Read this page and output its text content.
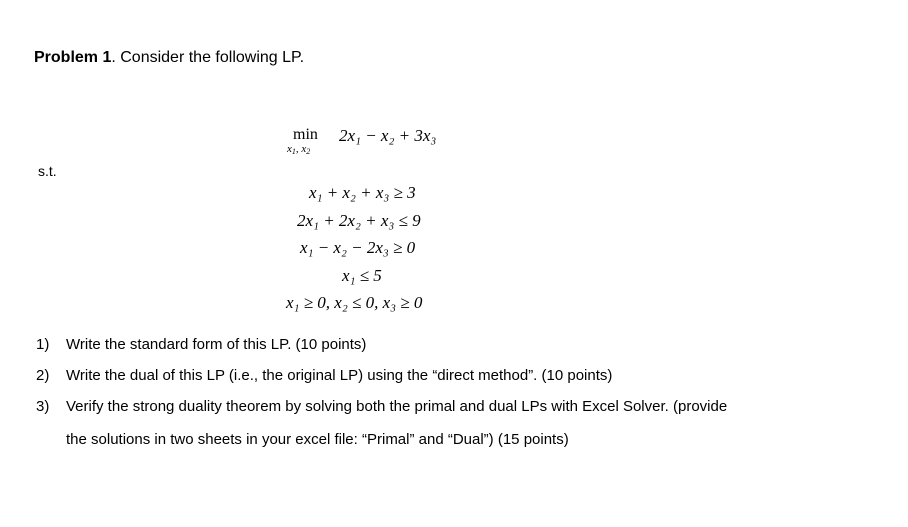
Problem 1. Consider the following LP.
min
$x_1$, $x_2$
2x₁ − x₂ + 3x₃
s.t.
x₁ + x₂ + x₃ ≥ 3
2x₁ + 2x₂ + x₃ ≤ 9
x₁ − x₂ − 2x₃ ≥ 0
x₁ ≤ 5
x₁ ≥ 0, x₂ ≤ 0, x₃ ≥ 0
1) Write the standard form of this LP. (10 points)
2) Write the dual of this LP (i.e., the original LP) using the “direct method”. (10 points)
3) Verify the strong duality theorem by solving both the primal and dual LPs with Excel Solver. (provide
the solutions in two sheets in your excel file: “Primal” and “Dual”) (15 points)
